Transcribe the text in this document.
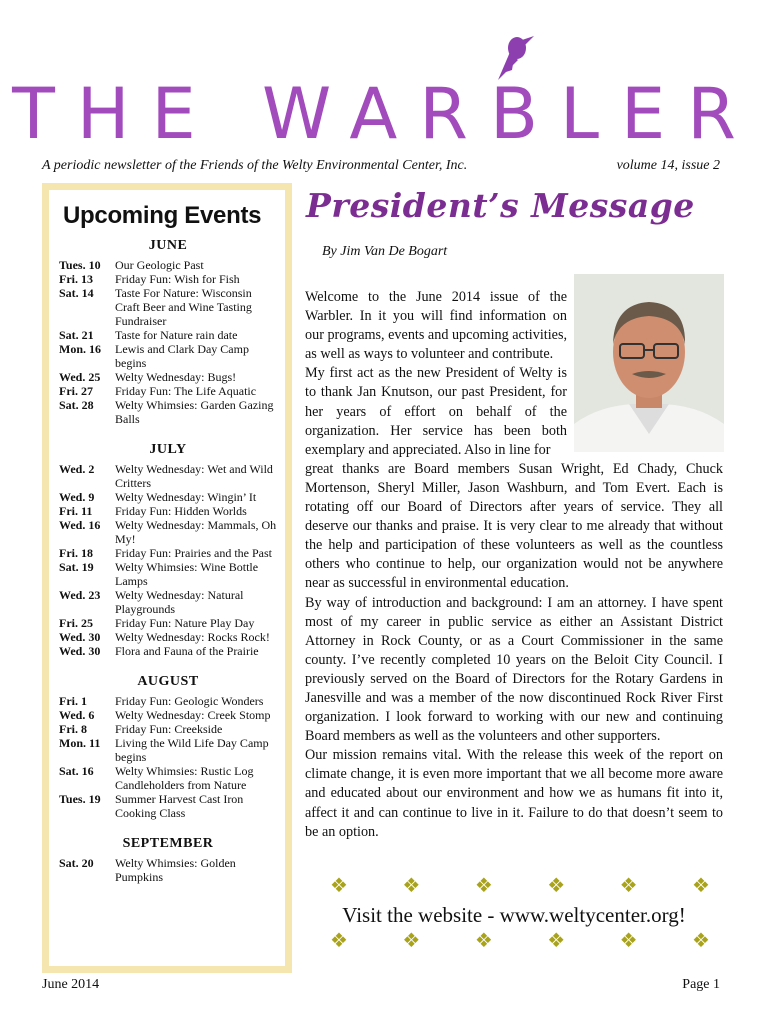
THE WARBLER
A periodic newsletter of the Friends of the Welty Environmental Center, Inc.	volume 14, issue 2
Upcoming Events
JUNE
Tues. 10	Our Geologic Past
Fri. 13	Friday Fun: Wish for Fish
Sat. 14	Taste For Nature: Wisconsin Craft Beer and Wine Tasting Fundraiser
Sat. 21	Taste for Nature rain date
Mon. 16	Lewis and Clark Day Camp begins
Wed. 25	Welty Wednesday: Bugs!
Fri. 27	Friday Fun: The Life Aquatic
Sat. 28	Welty Whimsies: Garden Gazing Balls
JULY
Wed. 2	Welty Wednesday: Wet and Wild Critters
Wed. 9	Welty Wednesday: Wingin’ It
Fri. 11	Friday Fun: Hidden Worlds
Wed. 16	Welty Wednesday: Mammals, Oh My!
Fri. 18	Friday Fun: Prairies and the Past
Sat. 19	Welty Whimsies: Wine Bottle Lamps
Wed. 23	Welty Wednesday: Natural Playgrounds
Fri. 25	Friday Fun: Nature Play Day
Wed. 30	Welty Wednesday: Rocks Rock!
Wed. 30	Flora and Fauna of the Prairie
AUGUST
Fri. 1	Friday Fun: Geologic Wonders
Wed. 6	Welty Wednesday: Creek Stomp
Fri. 8	Friday Fun: Creekside
Mon. 11	Living the Wild Life Day Camp begins
Sat. 16	Welty Whimsies: Rustic Log Candleholders from Nature
Tues. 19	Summer Harvest Cast Iron Cooking Class
SEPTEMBER
Sat. 20	Welty Whimsies: Golden Pumpkins
President’s Message
By Jim Van De Bogart

Welcome to the June 2014 issue of the Warbler. In it you will find information on our programs, events and upcoming activities, as well as ways to volunteer and contribute.

My first act as the new President of Welty is to thank Jan Knutson, our past President, for her years of effort on behalf of the organization. Her service has been both exemplary and appreciated. Also in line for

great thanks are Board members Susan Wright, Ed Chady, Chuck Mortenson, Sheryl Miller, Jason Washburn, and Tom Evert. Each is rotating off our Board of Directors after years of service. They all deserve our thanks and praise. It is very clear to me already that without the help and participation of these volunteers as well as the countless others who continue to help, our organization would not be anywhere near as successful in environmental education.

By way of introduction and background: I am an attorney. I have spent most of my career in public service as either an Assistant District Attorney in Rock County, or as a Court Commissioner in the same county. I’ve recently completed 10 years on the Beloit City Council. I previously served on the Board of Directors for the Rotary Gardens in Janesville and was a member of the now discontinued Rock River First organization. I look forward to working with our new and continuing Board members as well as the volunteers and other supporters.

Our mission remains vital. With the release this week of the report on climate change, it is even more important that we all become more aware and educated about our environment and how we as humans fit into it, affect it and can continue to live in it. Failure to do that doesn’t seem to be an option.

❖	❖	❖	❖	❖	❖
Visit the website - www.weltycenter.org!
❖	❖	❖	❖	❖	❖
June 2014	Page 1
